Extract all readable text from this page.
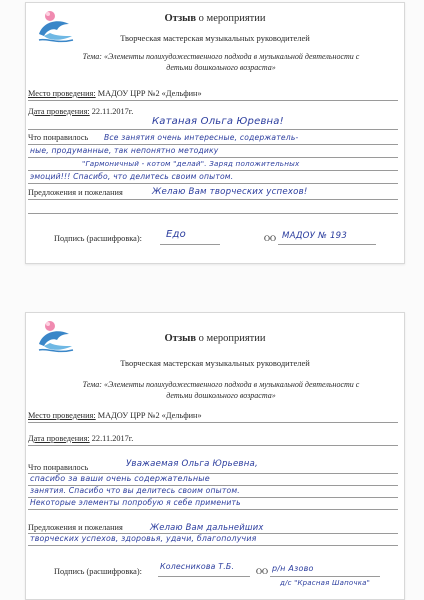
Отзыв о мероприятии
Творческая мастерская музыкальных руководителей
Тема: «Элементы полихудожественного подхода в музыкальной деятельности с
детьми дошкольного возраста»
Место проведения: МАДОУ ЦРР №2 «Дельфин»
Дата проведения: 22.11.2017г.
Катаная Ольга Юревна!
Что понравилось	Все занятия очень интересные, содержатель-
ные, продуманные, так непонятно методику
"Гармоничный - котом "делай". Заряд положительных
эмоций!!! Спасибо, что делитесь своим опытом.
Предложения и пожелания	Желаю Вам творческих успехов!
Подпись (расшифровка): Едо	ОО МАДОУ № 193
Отзыв о мероприятии
Творческая мастерская музыкальных руководителей
Тема: «Элементы полихудожественного подхода в музыкальной деятельности с
детьми дошкольного возраста»
Место проведения: МАДОУ ЦРР №2 «Дельфин»
Дата проведения: 22.11.2017г.
Что понравилось	Уважаемая Ольга Юрьевна,
спасибо за ваши очень содержательные
занятия. Спасибо что вы делитесь своим опытом.
Некоторые элементы попробую я себе применить
Предложения и пожелания	Желаю Вам дальнейших
творческих успехов, здоровья, удачи, благополучия
Подпись (расшифровка):
Колесникова Т.Б.
ОО р/н Азово
д/с "Красная Шапочка"
